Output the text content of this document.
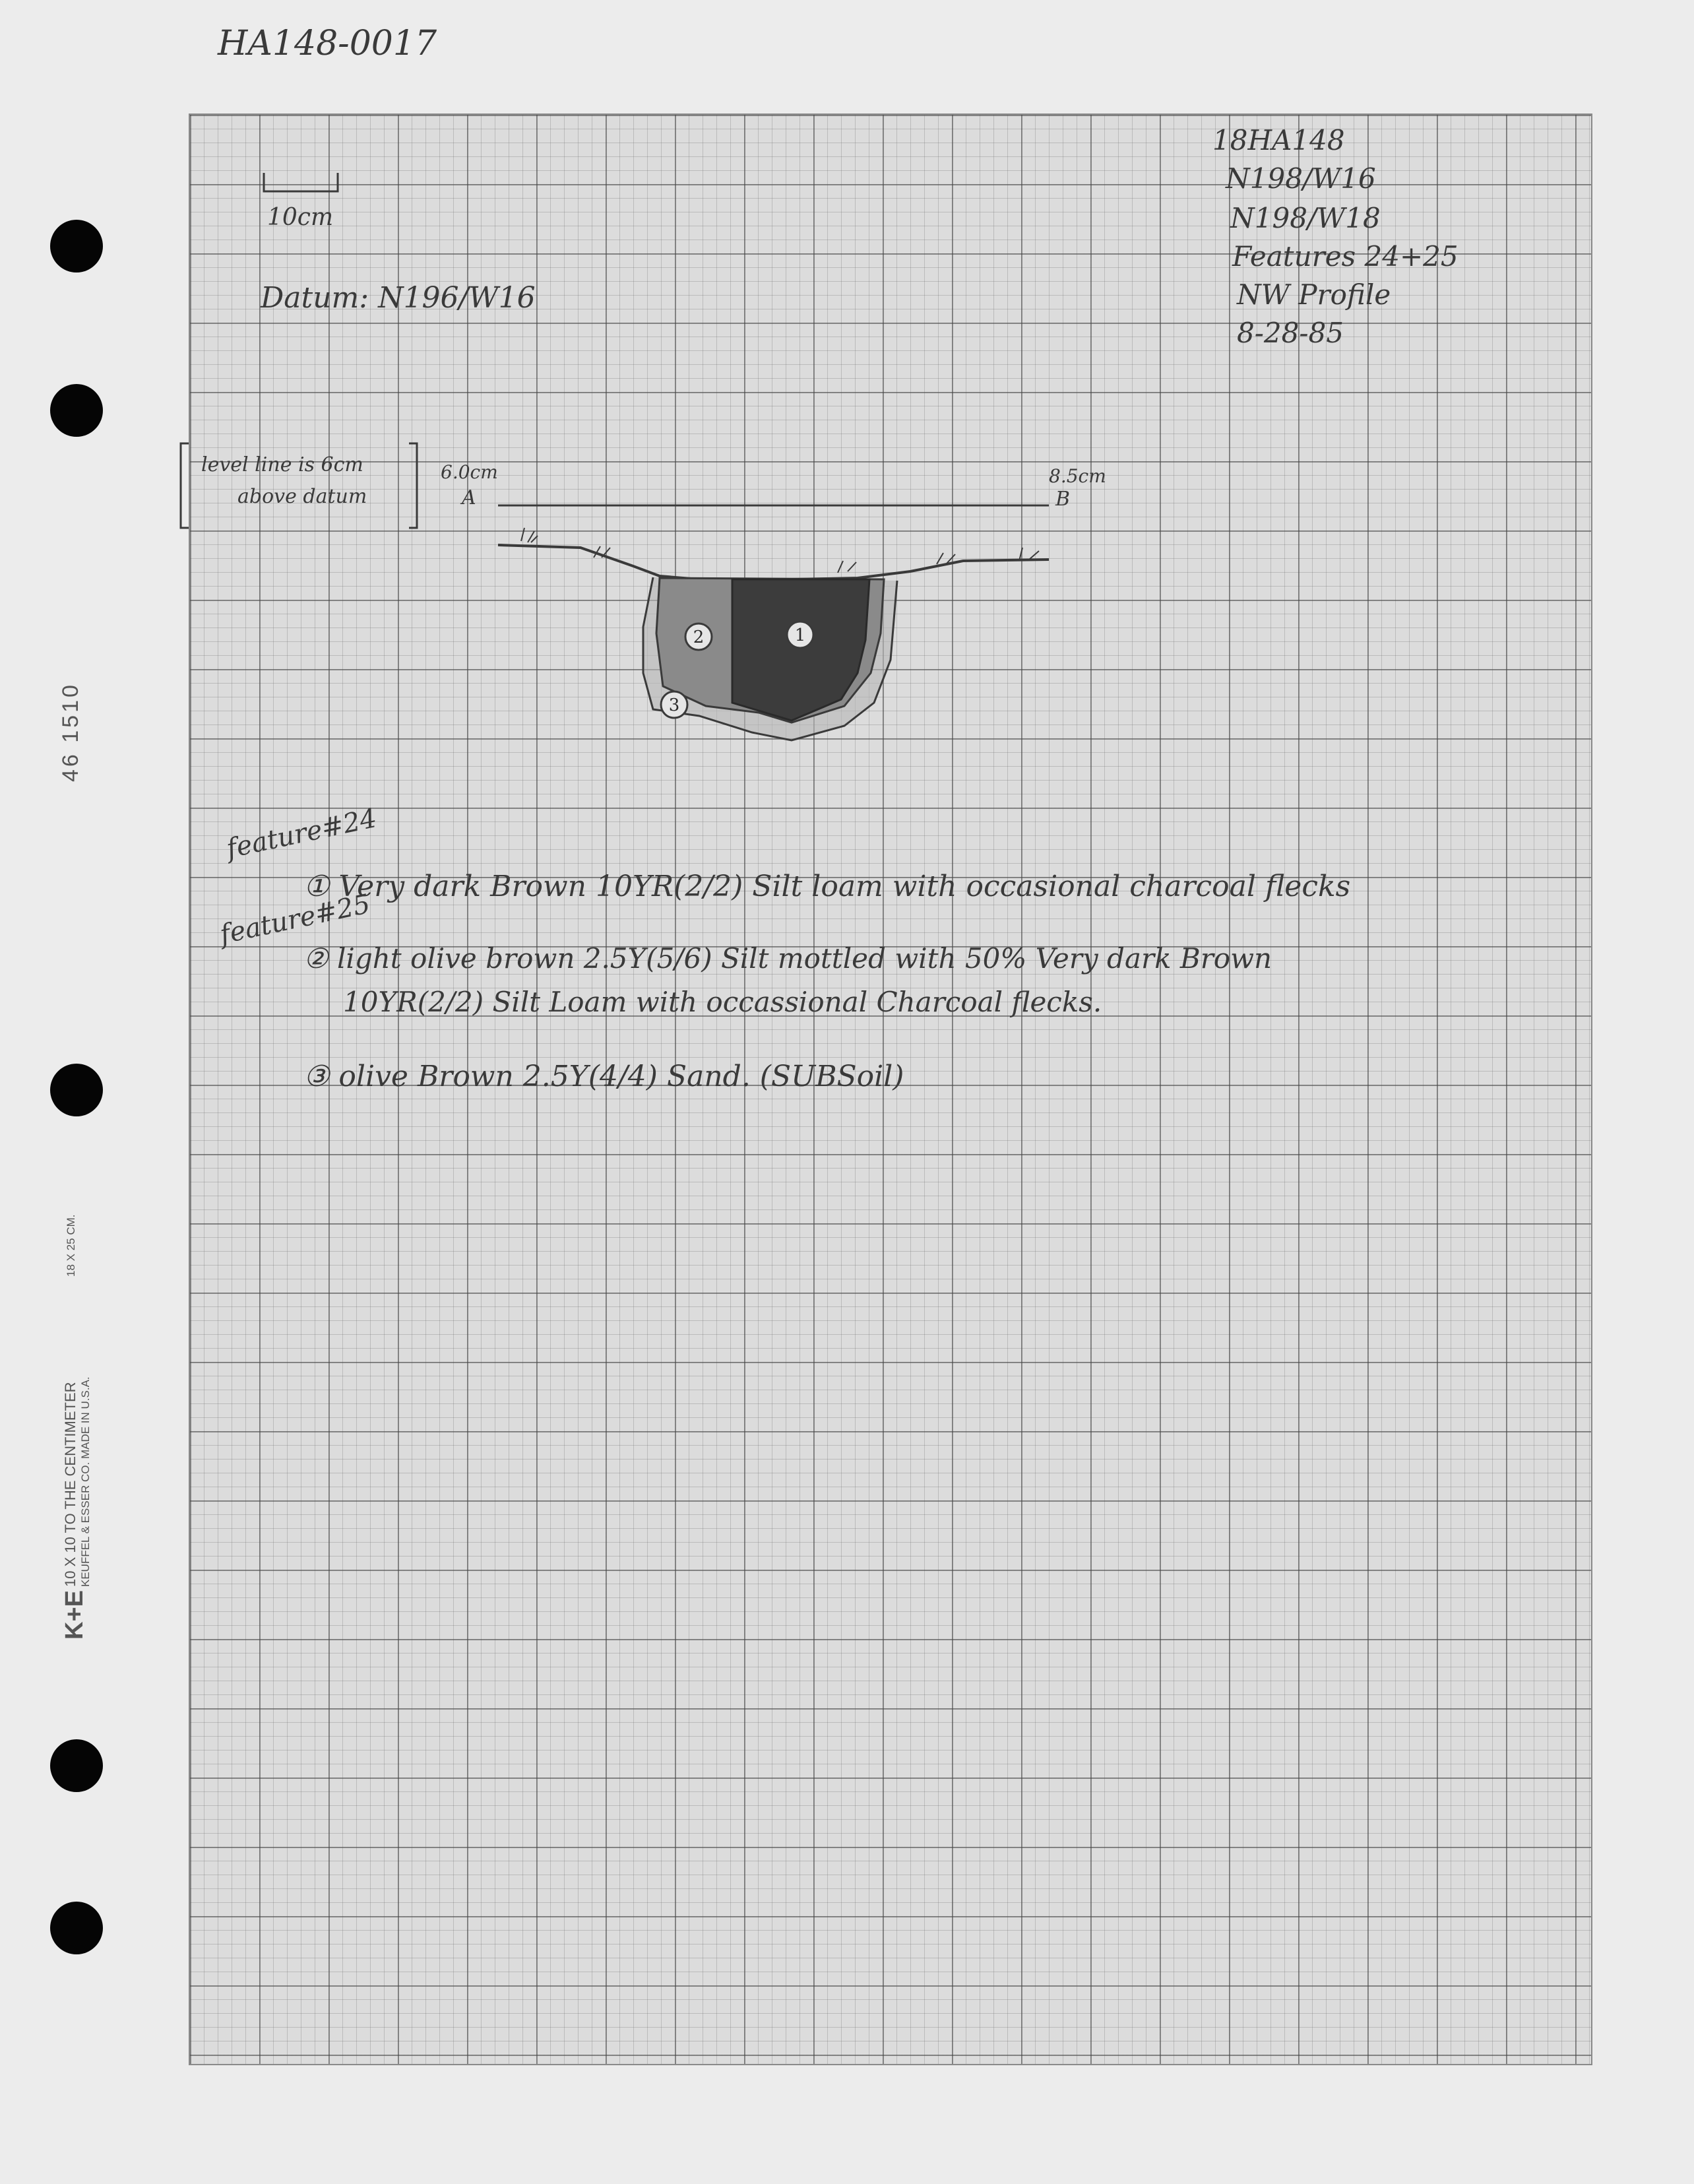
HA148-0017
46 1510
K+E
10 X 10 TO THE CENTIMETER KEUFFEL & ESSER CO. MADE IN U.S.A.
18 X 25 CM.
1
2
3
10cm
Datum: N196/W16
18HA148
N198/W16
N198/W18
Features 24+25
NW Profile
8-28-85
level line is 6cm
above datum
6.0cm
A
8.5cm
B
feature#24
① Very dark Brown 10YR(2/2) Silt loam with occasional charcoal flecks
feature#25
② light olive brown 2.5Y(5/6) Silt mottled with 50% Very dark Brown
10YR(2/2) Silt Loam with occassional Charcoal flecks.
③ olive Brown 2.5Y(4/4) Sand. (SUBSoil)
